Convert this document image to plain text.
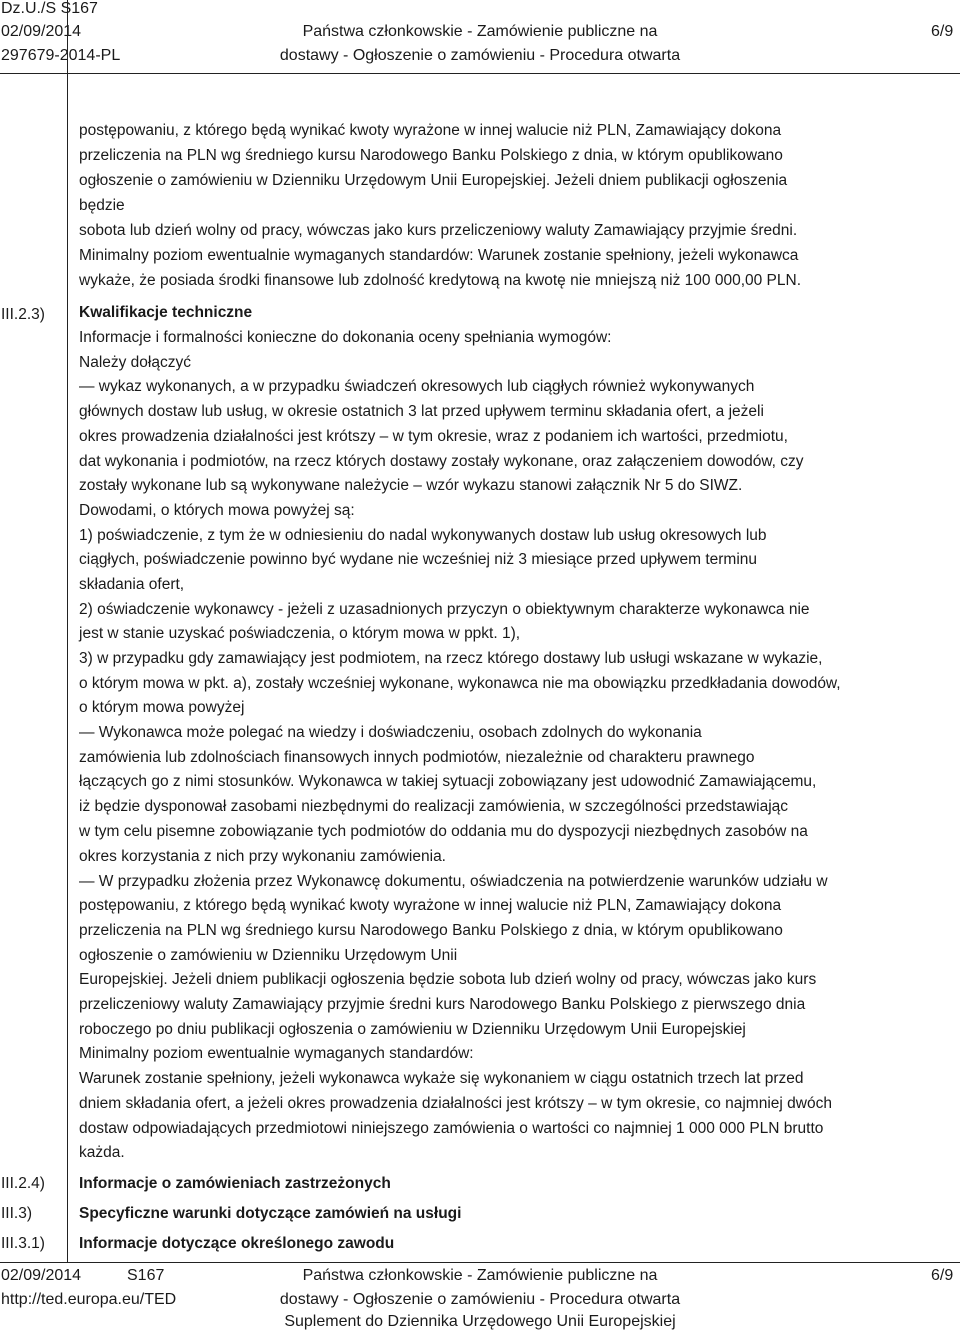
Dz.U./S S167
02/09/2014
297679-2014-PL
Państwa członkowskie - Zamówienie publiczne na
dostawy - Ogłoszenie o zamówieniu - Procedura otwarta
6/9
III.2.3)
III.2.4)
III.3)
III.3.1)
postępowaniu, z którego będą wynikać kwoty wyrażone w innej walucie niż PLN, Zamawiający dokona
przeliczenia na PLN wg średniego kursu Narodowego Banku Polskiego z dnia, w którym opublikowano
ogłoszenie o zamówieniu w Dzienniku Urzędowym Unii Europejskiej. Jeżeli dniem publikacji ogłoszenia
będzie
sobota lub dzień wolny od pracy, wówczas jako kurs przeliczeniowy waluty Zamawiający przyjmie średni.
Minimalny poziom ewentualnie wymaganych standardów: Warunek zostanie spełniony, jeżeli wykonawca
wykaże, że posiada środki finansowe lub zdolność kredytową na kwotę nie mniejszą niż 100 000,00 PLN.
Kwalifikacje techniczne
Informacje i formalności konieczne do dokonania oceny spełniania wymogów:
Należy dołączyć
— wykaz wykonanych, a w przypadku świadczeń okresowych lub ciągłych również wykonywanych
głównych dostaw lub usług, w okresie ostatnich 3 lat przed upływem terminu składania ofert, a jeżeli
okres prowadzenia działalności jest krótszy – w tym okresie, wraz z podaniem ich wartości, przedmiotu,
dat wykonania i podmiotów, na rzecz których dostawy zostały wykonane, oraz załączeniem dowodów, czy
zostały wykonane lub są wykonywane należycie – wzór wykazu stanowi załącznik Nr 5 do SIWZ.
Dowodami, o których mowa powyżej są:
1) poświadczenie, z tym że w odniesieniu do nadal wykonywanych dostaw lub usług okresowych lub
ciągłych, poświadczenie powinno być wydane nie wcześniej niż 3 miesiące przed upływem terminu
składania ofert,
2) oświadczenie wykonawcy - jeżeli z uzasadnionych przyczyn o obiektywnym charakterze wykonawca nie
jest w stanie uzyskać poświadczenia, o którym mowa w ppkt. 1),
3) w przypadku gdy zamawiający jest podmiotem, na rzecz którego dostawy lub usługi wskazane w wykazie,
o którym mowa w pkt. a), zostały wcześniej wykonane, wykonawca nie ma obowiązku przedkładania dowodów,
o którym mowa powyżej
— Wykonawca może polegać na wiedzy i doświadczeniu, osobach zdolnych do wykonania
zamówienia lub zdolnościach finansowych innych podmiotów, niezależnie od charakteru prawnego
łączących go z nimi stosunków. Wykonawca w takiej sytuacji zobowiązany jest udowodnić Zamawiającemu,
iż będzie dysponował zasobami niezbędnymi do realizacji zamówienia, w szczególności przedstawiając
w tym celu pisemne zobowiązanie tych podmiotów do oddania mu do dyspozycji niezbędnych zasobów na
okres korzystania z nich przy wykonaniu zamówienia.
— W przypadku złożenia przez Wykonawcę dokumentu, oświadczenia na potwierdzenie warunków udziału w
postępowaniu, z którego będą wynikać kwoty wyrażone w innej walucie niż PLN, Zamawiający dokona
przeliczenia na PLN wg średniego kursu Narodowego Banku Polskiego z dnia, w którym opublikowano
ogłoszenie o zamówieniu w Dzienniku Urzędowym Unii
Europejskiej. Jeżeli dniem publikacji ogłoszenia będzie sobota lub dzień wolny od pracy, wówczas jako kurs
przeliczeniowy waluty Zamawiający przyjmie średni kurs Narodowego Banku Polskiego z pierwszego dnia
roboczego po dniu publikacji ogłoszenia o zamówieniu w Dzienniku Urzędowym Unii Europejskiej
Minimalny poziom ewentualnie wymaganych standardów:
Warunek zostanie spełniony, jeżeli wykonawca wykaże się wykonaniem w ciągu ostatnich trzech lat przed
dniem składania ofert, a jeżeli okres prowadzenia działalności jest krótszy – w tym okresie, co najmniej dwóch
dostaw odpowiadających przedmiotowi niniejszego zamówienia o wartości co najmniej 1 000 000 PLN brutto
każda.
Informacje o zamówieniach zastrzeżonych
Specyficzne warunki dotyczące zamówień na usługi
Informacje dotyczące określonego zawodu
02/09/2014	S167
http://ted.europa.eu/TED
Państwa członkowskie - Zamówienie publiczne na
dostawy - Ogłoszenie o zamówieniu - Procedura otwarta
Suplement do Dziennika Urzędowego Unii Europejskiej
6/9
